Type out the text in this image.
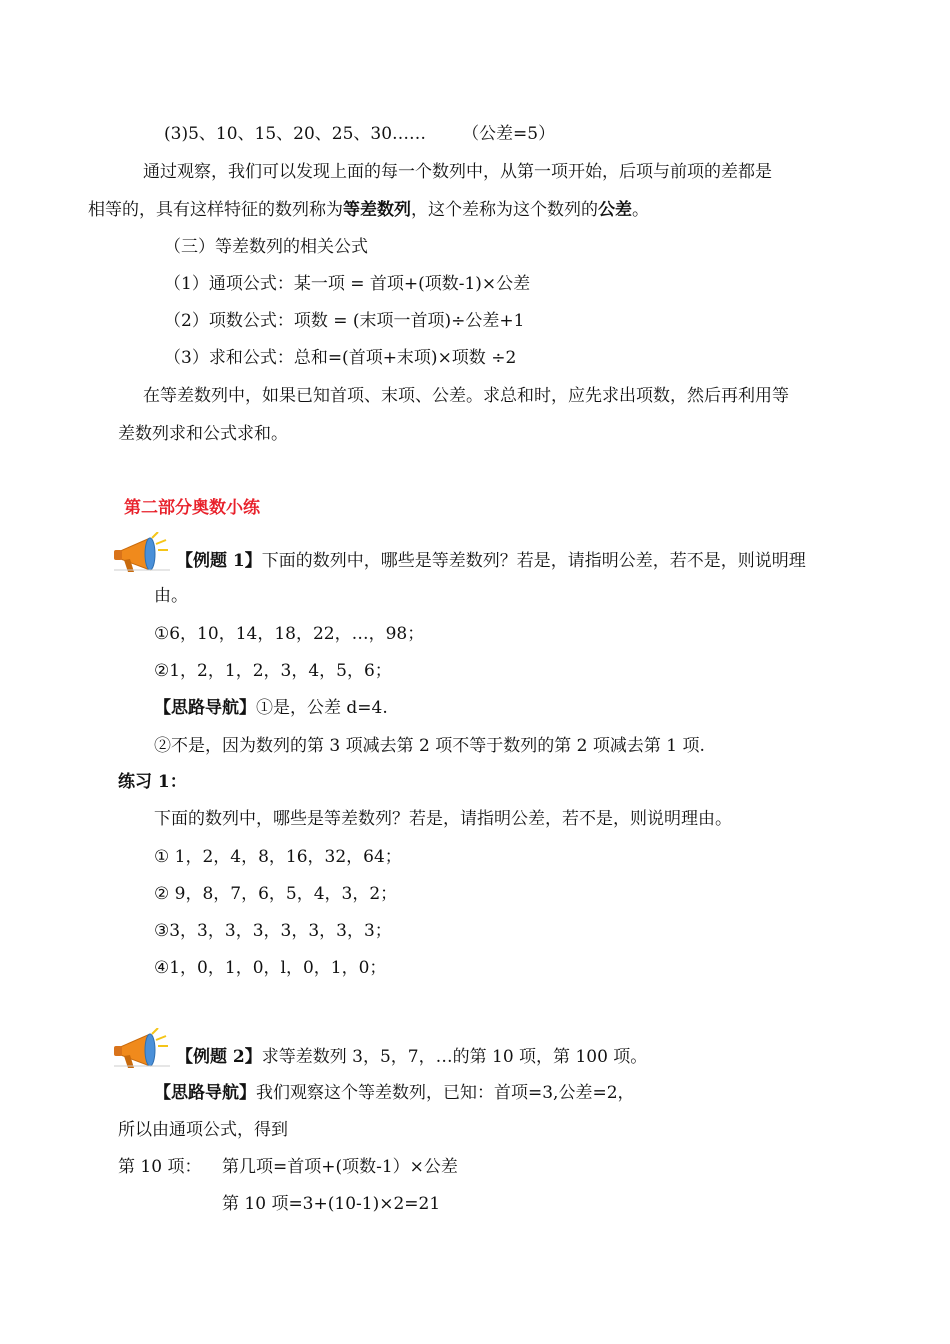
(3)5、10、15、20、25、30…… （公差=5）
通过观察，我们可以发现上面的每一个数列中，从第一项开始，后项与前项的差都是
相等的，具有这样特征的数列称为等差数列，这个差称为这个数列的公差。
（三）等差数列的相关公式
（1）通项公式：某一项 = 首项+(项数-1)×公差
（2）项数公式：项数 = (末项一首项)÷公差+1
（3）求和公式：总和=(首项+末项)×项数 ÷2
在等差数列中，如果已知首项、末项、公差。求总和时，应先求出项数，然后再利用等
差数列求和公式求和。
第二部分奥数小练
【例题 1】下面的数列中，哪些是等差数列？若是，请指明公差，若不是，则说明理
由。
①6，10，14，18，22，…，98；
②1，2，1，2，3，4，5，6；
【思路导航】①是，公差 d=4.
②不是，因为数列的第 3 项减去第 2 项不等于数列的第 2 项减去第 1 项.
练习 1：
下面的数列中，哪些是等差数列？若是，请指明公差，若不是，则说明理由。
① 1，2，4，8，16，32，64；
② 9，8，7，6，5，4，3，2；
③3，3，3，3，3，3，3，3；
④1，0，1，0，l，0，1，0；
【例题 2】求等差数列 3，5，7，…的第 10 项，第 100 项。
【思路导航】我们观察这个等差数列，已知：首项=3,公差=2，
所以由通项公式，得到
第 10 项： 第几项=首项+(项数-1）×公差
第 10 项=3+(10-1)×2=21
